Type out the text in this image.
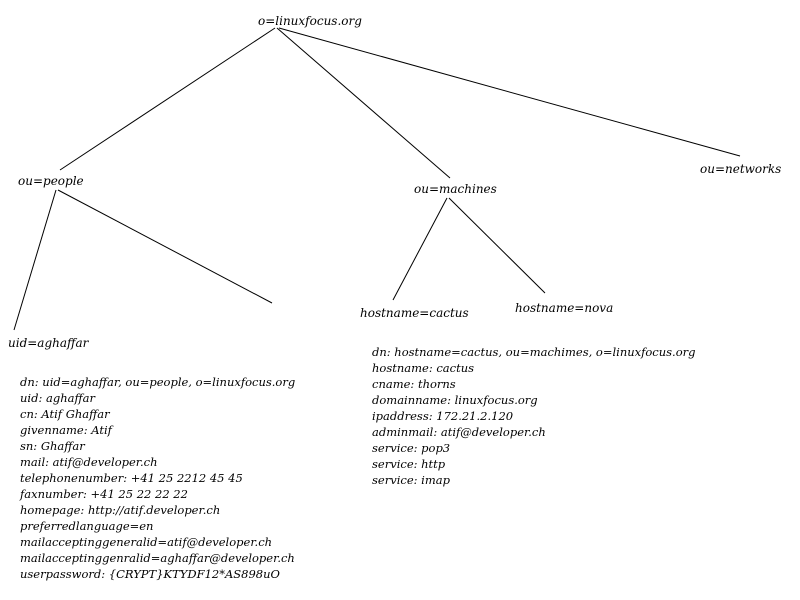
o=linuxfocus.org
ou=people
ou=machines
ou=networks
uid=aghaffar
hostname=cactus	hostname=nova
dn: uid=aghaffar, ou=people, o=linuxfocus.org
uid: aghaffar
cn: Atif Ghaffar
givenname: Atif
sn: Ghaffar
mail: atif@developer.ch
telephonenumber: +41 25 2212 45 45
faxnumber: +41 25 22 22 22
homepage: http://atif.developer.ch
preferredlanguage=en
mailacceptinggeneralid=atif@developer.ch
mailacceptinggenralid=aghaffar@developer.ch
userpassword: {CRYPT}KTYDF12*AS898uO
dn: hostname=cactus, ou=machimes, o=linuxfocus.org
hostname: cactus
cname: thorns
domainname: linuxfocus.org
ipaddress: 172.21.2.120
adminmail: atif@developer.ch
service: pop3
service: http
service: imap
